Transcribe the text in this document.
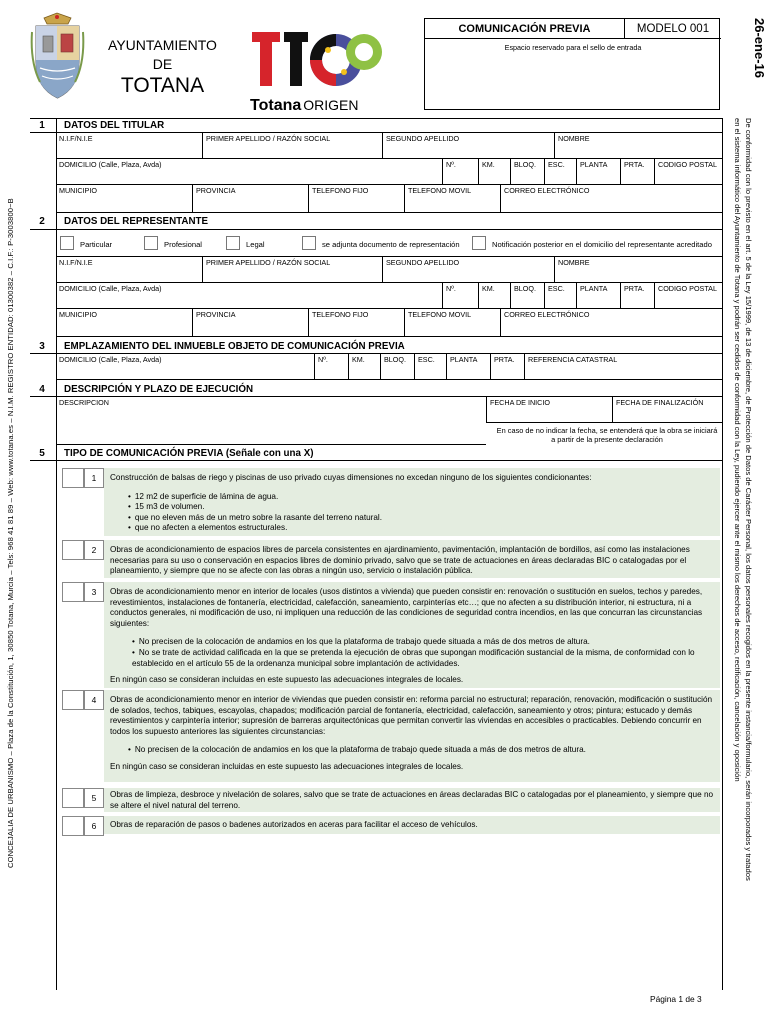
AYUNTAMIENTO
DE

TOTANA
Totana ORIGEN
COMUNICACIÓN PREVIA	MODELO 001
Espacio reservado para el sello de entrada	26-ene-16
De conformidad con lo previsto en el art. 5 de la Ley 15/1999, de 13 de diciembre, de Protección de Datos de Carácter Personal, los datos personales recogidos en la presente instancia/formulario, serán incorporados y tratados en el sistema informático del Ayuntamiento de Totana y podrán ser cedidos de conformidad con la Ley, pudiendo ejercer ante el mismo los derechos de acceso, rectificación, cancelación y oposición
CONCEJALIA DE URBANISMO – Plaza de la Constitución, 1, 30850 Totana, Murcia – Tels: 968 41 81 89 – Web: www.totana.es – N.I.M. REGISTRO ENTIDAD: 01300382 – C.I.F.: P-3003800−B
1	DATOS DEL TITULAR
N.I.F/N.I.E	PRIMER APELLIDO / RAZÓN SOCIAL	SEGUNDO APELLIDO	NOMBRE
DOMICILIO (Calle, Plaza, Avda)	Nº.	KM.	BLOQ.	ESC.	PLANTA	PRTA.	CODIGO POSTAL
MUNICIPIO	PROVINCIA	TELEFONO FIJO	TELEFONO MOVIL	CORREO ELECTRÓNICO
2	DATOS DEL REPRESENTANTE
Particular	Profesional	Legal	se adjunta documento de representación	Notificación posterior en el domicilio del representante acreditado
N.I.F/N.I.E	PRIMER APELLIDO / RAZÓN SOCIAL	SEGUNDO APELLIDO	NOMBRE
DOMICILIO (Calle, Plaza, Avda)	Nº.	KM.	BLOQ.	ESC.	PLANTA	PRTA.	CODIGO POSTAL
MUNICIPIO	PROVINCIA	TELEFONO FIJO	TELEFONO MOVIL	CORREO ELECTRÓNICO
3	EMPLAZAMIENTO DEL INMUEBLE OBJETO DE COMUNICACIÓN PREVIA
DOMICILIO (Calle, Plaza, Avda)	Nº.	KM.	BLOQ.	ESC.	PLANTA	PRTA.	REFERENCIA CATASTRAL
4	DESCRIPCIÓN Y PLAZO DE EJECUCIÓN
DESCRIPCION	FECHA DE INICIO	FECHA DE FINALIZACIÓN
En caso de no indicar la fecha, se entenderá que la obra se iniciará a partir de la presente declaración
5	TIPO DE COMUNICACIÓN PREVIA (Señale con una X)
1	Construcción de balsas de riego y piscinas de uso privado cuyas dimensiones no excedan ninguno de los siguientes condicionantes:

• 12 m2 de superficie de lámina de agua.
• 15 m3 de volumen.
• que no eleven más de un metro sobre la rasante del terreno natural.
• que no afecten a elementos estructurales.
2	Obras de acondicionamiento de espacios libres de parcela consistentes en ajardinamiento, pavimentación, implantación de bordillos, así como las instalaciones necesarias para su uso o conservación en espacios libres de dominio privado, salvo que se trate de actuaciones en áreas declaradas BIC o catalogadas por el planeamiento, y siempre que no se afecte con las obras a ningún uso, servicio o instalación pública.

3	Obras de acondicionamiento menor en interior de locales (usos distintos a vivienda) que pueden consistir en: renovación o sustitución en suelos, techos y paredes, revestimientos, instalaciones de fontanería, electricidad, calefacción, saneamiento, carpinterías etc…; que no afecten a su distribución interior, ni estructura, ni a conductos generales, ni modificación de uso, ni impliquen una reducción de las condiciones de seguridad contra incendios, en las que concurran las circunstancias siguientes:

• No precisen de la colocación de andamios en los que la plataforma de trabajo quede situada a más de dos metros de altura.
• No se trate de actividad calificada en la que se pretenda la ejecución de obras que supongan modificación sustancial de la misma, de conformidad con lo establecido en el artículo 55 de la ordenanza municipal sobre implantación de actividades.

En ningún caso se consideran incluidas en este supuesto las adecuaciones integrales de locales.

4	Obras de acondicionamiento menor en interior de viviendas que pueden consistir en: reforma parcial no estructural; reparación, renovación, modificación o sustitución de solados, techos, tabiques, escayolas, chapados; modificación parcial de fontanería, electricidad, calefacción, saneamiento y otros; pintura; estucado y demás revestimientos y carpintería interior; supresión de barreras arquitectónicas que permitan convertir las viviendas en accesibles o practicables. Debiendo concurrir en todos los supuesto anteriores las siguientes circunstancias:

• No precisen de la colocación de andamios en los que la plataforma de trabajo quede situada a más de dos metros de altura.

En ningún caso se consideran incluidas en este supuesto las adecuaciones integrales de locales.

5	Obras de limpieza, desbroce y nivelación de solares, salvo que se trate de actuaciones en áreas declaradas BIC o catalogadas por el planeamiento, y siempre que no se altere el nivel natural del terreno.

6	Obras de reparación de pasos o badenes autorizados en aceras para facilitar el acceso de vehículos.

Página 1 de 3
